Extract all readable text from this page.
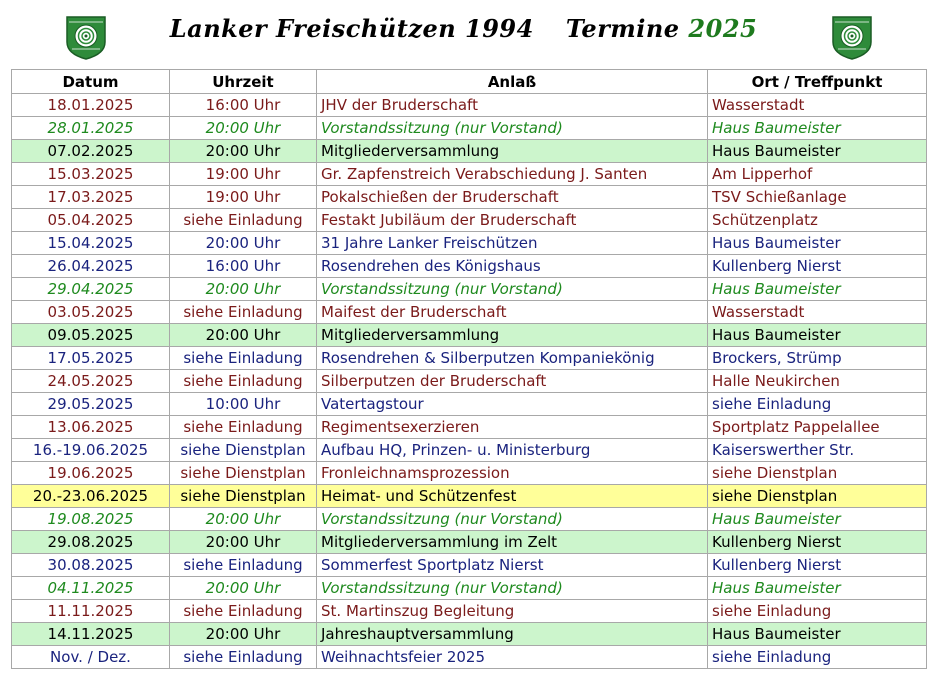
Lanker Freischützen 1994 Termine 2025
Datum	Uhrzeit	Anlaß	Ort / Treffpunkt
18.01.2025	16:00 Uhr	JHV der Bruderschaft	Wasserstadt
28.01.2025	20:00 Uhr	Vorstandssitzung (nur Vorstand)	Haus Baumeister
07.02.2025	20:00 Uhr	Mitgliederversammlung	Haus Baumeister
15.03.2025	19:00 Uhr	Gr. Zapfenstreich Verabschiedung J. Santen	Am Lipperhof
17.03.2025	19:00 Uhr	Pokalschießen der Bruderschaft	TSV Schießanlage
05.04.2025	siehe Einladung	Festakt Jubiläum der Bruderschaft	Schützenplatz
15.04.2025	20:00 Uhr	31 Jahre Lanker Freischützen	Haus Baumeister
26.04.2025	16:00 Uhr	Rosendrehen des Königshaus	Kullenberg Nierst
29.04.2025	20:00 Uhr	Vorstandssitzung (nur Vorstand)	Haus Baumeister
03.05.2025	siehe Einladung	Maifest der Bruderschaft	Wasserstadt
09.05.2025	20:00 Uhr	Mitgliederversammlung	Haus Baumeister
17.05.2025	siehe Einladung	Rosendrehen & Silberputzen Kompaniekönig	Brockers, Strümp
24.05.2025	siehe Einladung	Silberputzen der Bruderschaft	Halle Neukirchen
29.05.2025	10:00 Uhr	Vatertagstour	siehe Einladung
13.06.2025	siehe Einladung	Regimentsexerzieren	Sportplatz Pappelallee
16.-19.06.2025	siehe Dienstplan	Aufbau HQ, Prinzen- u. Ministerburg	Kaiserswerther Str.
19.06.2025	siehe Dienstplan	Fronleichnamsprozession	siehe Dienstplan
20.-23.06.2025	siehe Dienstplan	Heimat- und Schützenfest	siehe Dienstplan
19.08.2025	20:00 Uhr	Vorstandssitzung (nur Vorstand)	Haus Baumeister
29.08.2025	20:00 Uhr	Mitgliederversammlung im Zelt	Kullenberg Nierst
30.08.2025	siehe Einladung	Sommerfest Sportplatz Nierst	Kullenberg Nierst
04.11.2025	20:00 Uhr	Vorstandssitzung (nur Vorstand)	Haus Baumeister
11.11.2025	siehe Einladung	St. Martinszug Begleitung	siehe Einladung
14.11.2025	20:00 Uhr	Jahreshauptversammlung	Haus Baumeister
Nov. / Dez.	siehe Einladung	Weihnachtsfeier 2025	siehe Einladung
